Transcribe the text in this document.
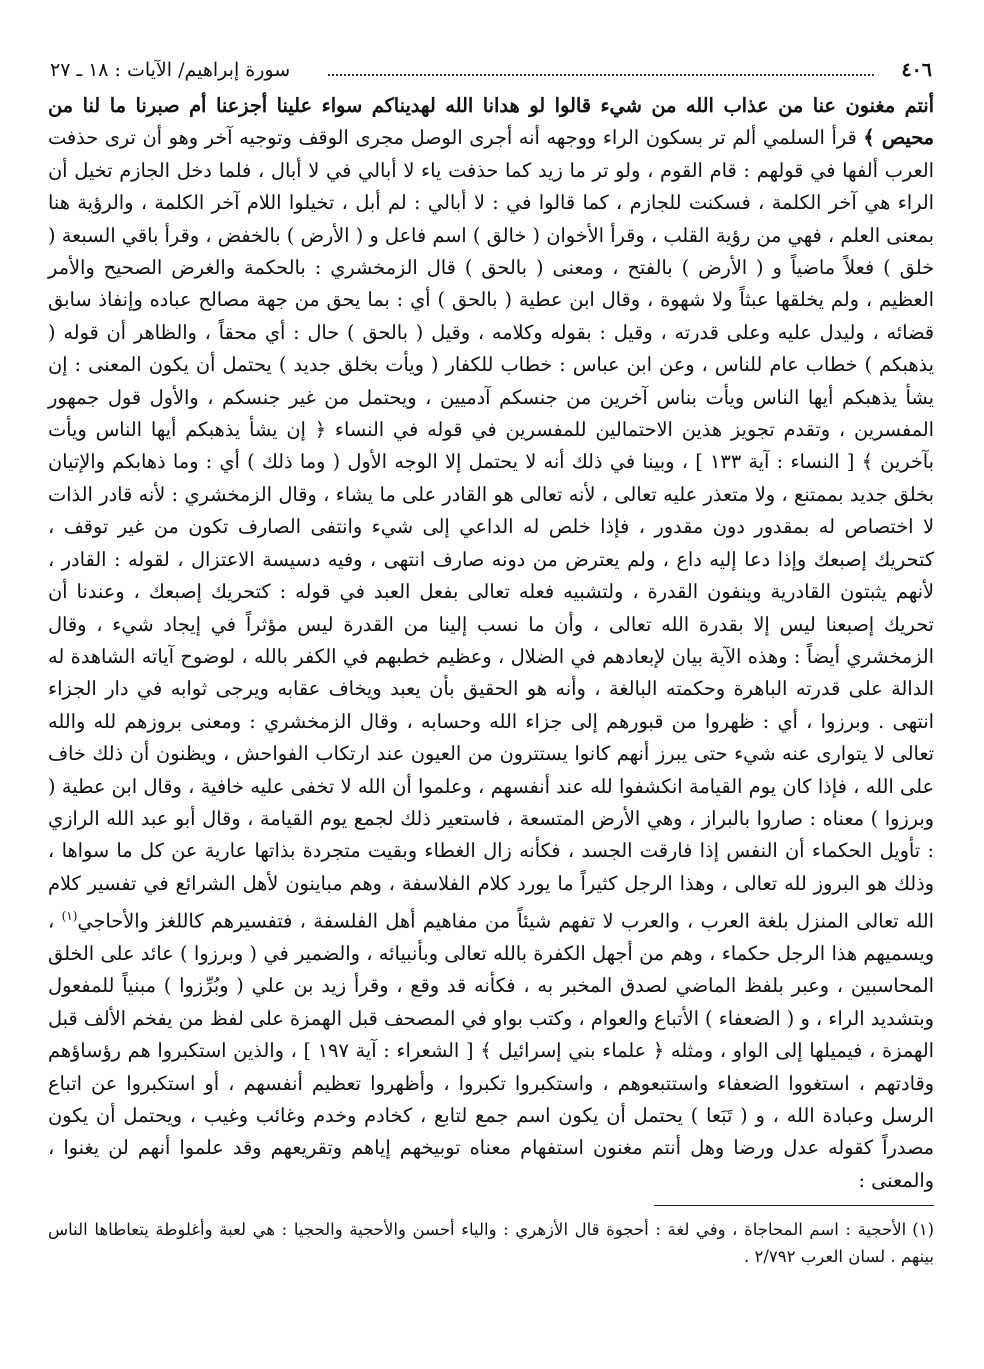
٤٠٦
سورة إبراهيم/ الآيات : ١٨ ـ ٢٧
أنتم مغنون عنا من عذاب الله من شيء قالوا لو هدانا الله لهديناكم سواء علينا أجزعنا أم صبرنا ما لنا من محيص ﴾ قرأ السلمي ألم تر بسكون الراء ووجهه أنه أجرى الوصل مجرى الوقف وتوجيه آخر وهو أن ترى حذفت العرب ألفها في قولهم : قام القوم ، ولو تر ما زيد كما حذفت ياء لا أبالي في لا أبال ، فلما دخل الجازم تخيل أن الراء هي آخر الكلمة ، فسكنت للجازم ، كما قالوا في : لا أبالي : لم أبل ، تخيلوا اللام آخر الكلمة ، والرؤية هنا بمعنى العلم ، فهي من رؤية القلب ، وقرأ الأخوان ( خالق ) اسم فاعل و ( الأرض ) بالخفض ، وقرأ باقي السبعة ( خلق ) فعلاً ماضياً و ( الأرض ) بالفتح ، ومعنى ( بالحق ) قال الزمخشري : بالحكمة والغرض الصحيح والأمر العظيم ، ولم يخلقها عبثاً ولا شهوة ، وقال ابن عطية ( بالحق ) أي : بما يحق من جهة مصالح عباده وإنفاذ سابق قضائه ، وليدل عليه وعلى قدرته ، وقيل : بقوله وكلامه ، وقيل ( بالحق ) حال : أي محقاً ، والظاهر أن قوله ( يذهبكم ) خطاب عام للناس ، وعن ابن عباس : خطاب للكفار ( ويأت بخلق جديد ) يحتمل أن يكون المعنى : إن يشأ يذهبكم أيها الناس ويأت بناس آخرين من جنسكم آدميين ، ويحتمل من غير جنسكم ، والأول قول جمهور المفسرين ، وتقدم تجويز هذين الاحتمالين للمفسرين في قوله في النساء ﴿ إن يشأ يذهبكم أيها الناس ويأت بآخرين ﴾ [ النساء : آية ١٣٣ ] ، وبينا في ذلك أنه لا يحتمل إلا الوجه الأول ( وما ذلك ) أي : وما ذهابكم والإتيان بخلق جديد بممتنع ، ولا متعذر عليه تعالى ، لأنه تعالى هو القادر على ما يشاء ، وقال الزمخشري : لأنه قادر الذات لا اختصاص له بمقدور دون مقدور ، فإذا خلص له الداعي إلى شيء وانتفى الصارف تكون من غير توقف ، كتحريك إصبعك وإذا دعا إليه داع ، ولم يعترض من دونه صارف انتهى ، وفيه دسيسة الاعتزال ، لقوله : القادر ، لأنهم يثبتون القادرية وينفون القدرة ، ولتشبيه فعله تعالى بفعل العبد في قوله : كتحريك إصبعك ، وعندنا أن تحريك إصبعنا ليس إلا بقدرة الله تعالى ، وأن ما نسب إلينا من القدرة ليس مؤثراً في إيجاد شيء ، وقال الزمخشري أيضاً : وهذه الآية بيان لإبعادهم في الضلال ، وعظيم خطبهم في الكفر بالله ، لوضوح آياته الشاهدة له الدالة على قدرته الباهرة وحكمته البالغة ، وأنه هو الحقيق بأن يعبد ويخاف عقابه ويرجى ثوابه في دار الجزاء انتهى . وبرزوا ، أي : ظهروا من قبورهم إلى جزاء الله وحسابه ، وقال الزمخشري : ومعنى بروزهم لله والله تعالى لا يتوارى عنه شيء حتى يبرز أنهم كانوا يستترون من العيون عند ارتكاب الفواحش ، ويظنون أن ذلك خاف على الله ، فإذا كان يوم القيامة انكشفوا لله عند أنفسهم ، وعلموا أن الله لا تخفى عليه خافية ، وقال ابن عطية ( وبرزوا ) معناه : صاروا بالبراز ، وهي الأرض المتسعة ، فاستعير ذلك لجمع يوم القيامة ، وقال أبو عبد الله الرازي : تأويل الحكماء أن النفس إذا فارقت الجسد ، فكأنه زال الغطاء وبقيت متجردة بذاتها عارية عن كل ما سواها ، وذلك هو البروز لله تعالى ، وهذا الرجل كثيراً ما يورد كلام الفلاسفة ، وهم مباينون لأهل الشرائع في تفسير كلام الله تعالى المنزل بلغة العرب ، والعرب لا تفهم شيئاً من مفاهيم أهل الفلسفة ، فتفسيرهم كاللغز والأحاجي$^{(١)}$ ، ويسميهم هذا الرجل حكماء ، وهم من أجهل الكفرة بالله تعالى وبأنبيائه ، والضمير في ( وبرزوا ) عائد على الخلق المحاسبين ، وعبر بلفظ الماضي لصدق المخبر به ، فكأنه قد وقع ، وقرأ زيد بن علي ( وبُرِّزوا ) مبنياً للمفعول وبتشديد الراء ، و ( الضعفاء ) الأتباع والعوام ، وكتب بواو في المصحف قبل الهمزة على لفظ من يفخم الألف قبل الهمزة ، فيميلها إلى الواو ، ومثله ﴿ علماء بني إسرائيل ﴾ [ الشعراء : آية ١٩٧ ] ، والذين استكبروا هم رؤساؤهم وقادتهم ، استغووا الضعفاء واستتبعوهم ، واستكبروا تكبروا ، وأظهروا تعظيم أنفسهم ، أو استكبروا عن اتباع الرسل وعبادة الله ، و ( تَبَعا ) يحتمل أن يكون اسم جمع لتابع ، كخادم وخدم وغائب وغيب ، ويحتمل أن يكون مصدراً كقوله عدل ورضا وهل أنتم مغنون استفهام معناه توبيخهم إياهم وتقريعهم وقد علموا أنهم لن يغنوا ، والمعنى :
(١)الأحجية : اسم المحاجاة ، وفي لغة : أحجوة قال الأزهري : والياء أحسن والأحجية والحجيا : هي لعبة وأغلوطة يتعاطاها الناس بينهم . لسان العرب ٢/٧٩٢ .
